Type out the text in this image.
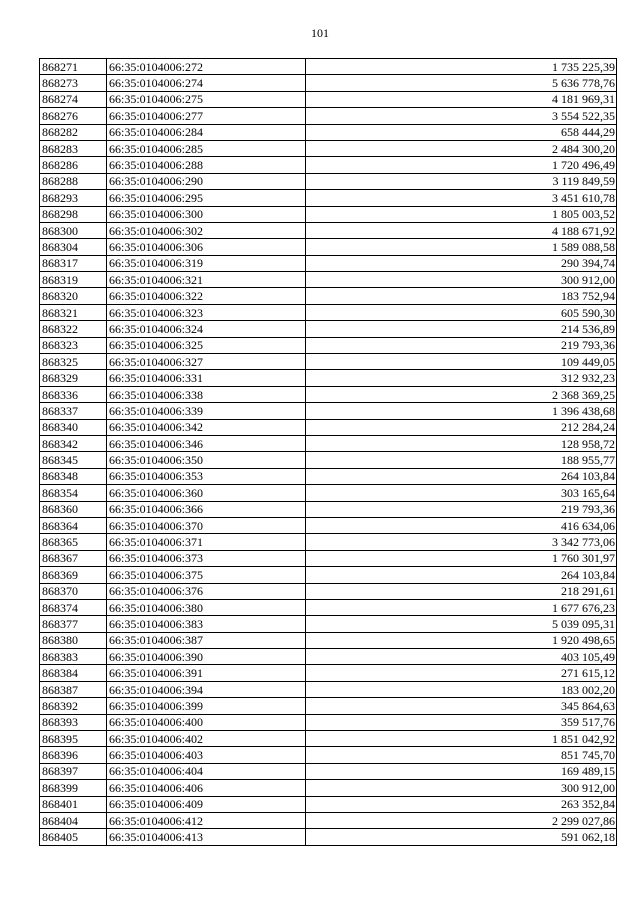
101
868271	66:35:0104006:272	1 735 225,39
868273	66:35:0104006:274	5 636 778,76
868274	66:35:0104006:275	4 181 969,31
868276	66:35:0104006:277	3 554 522,35
868282	66:35:0104006:284	658 444,29
868283	66:35:0104006:285	2 484 300,20
868286	66:35:0104006:288	1 720 496,49
868288	66:35:0104006:290	3 119 849,59
868293	66:35:0104006:295	3 451 610,78
868298	66:35:0104006:300	1 805 003,52
868300	66:35:0104006:302	4 188 671,92
868304	66:35:0104006:306	1 589 088,58
868317	66:35:0104006:319	290 394,74
868319	66:35:0104006:321	300 912,00
868320	66:35:0104006:322	183 752,94
868321	66:35:0104006:323	605 590,30
868322	66:35:0104006:324	214 536,89
868323	66:35:0104006:325	219 793,36
868325	66:35:0104006:327	109 449,05
868329	66:35:0104006:331	312 932,23
868336	66:35:0104006:338	2 368 369,25
868337	66:35:0104006:339	1 396 438,68
868340	66:35:0104006:342	212 284,24
868342	66:35:0104006:346	128 958,72
868345	66:35:0104006:350	188 955,77
868348	66:35:0104006:353	264 103,84
868354	66:35:0104006:360	303 165,64
868360	66:35:0104006:366	219 793,36
868364	66:35:0104006:370	416 634,06
868365	66:35:0104006:371	3 342 773,06
868367	66:35:0104006:373	1 760 301,97
868369	66:35:0104006:375	264 103,84
868370	66:35:0104006:376	218 291,61
868374	66:35:0104006:380	1 677 676,23
868377	66:35:0104006:383	5 039 095,31
868380	66:35:0104006:387	1 920 498,65
868383	66:35:0104006:390	403 105,49
868384	66:35:0104006:391	271 615,12
868387	66:35:0104006:394	183 002,20
868392	66:35:0104006:399	345 864,63
868393	66:35:0104006:400	359 517,76
868395	66:35:0104006:402	1 851 042,92
868396	66:35:0104006:403	851 745,70
868397	66:35:0104006:404	169 489,15
868399	66:35:0104006:406	300 912,00
868401	66:35:0104006:409	263 352,84
868404	66:35:0104006:412	2 299 027,86
868405	66:35:0104006:413	591 062,18
